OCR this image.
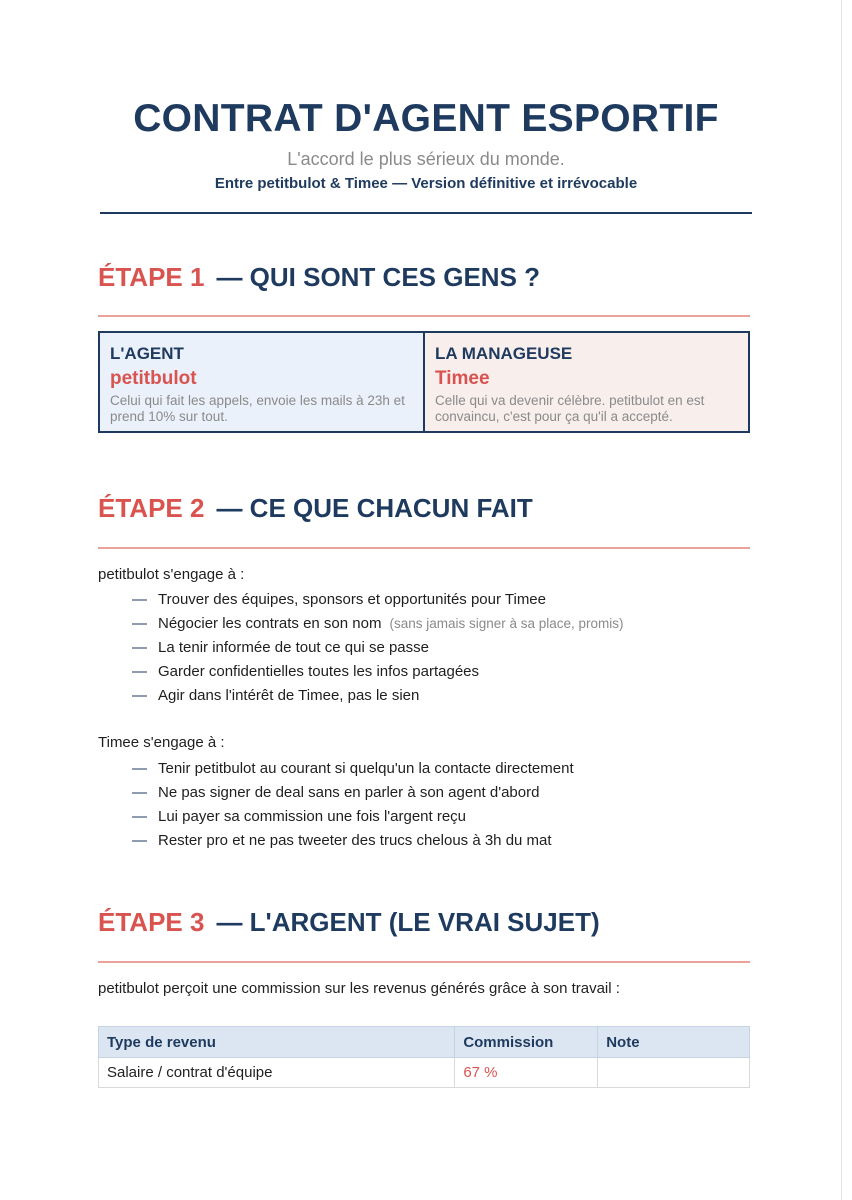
CONTRAT D'AGENT ESPORTIF
L'accord le plus sérieux du monde.
Entre petitbulot & Timee — Version définitive et irrévocable
ÉTAPE 1 — QUI SONT CES GENS ?
L'AGENT
petitbulot
Celui qui fait les appels, envoie les mails à 23h et prend 10% sur tout.
LA MANAGEUSE
Timee
Celle qui va devenir célèbre. petitbulot en est convaincu, c'est pour ça qu'il a accepté.
ÉTAPE 2 — CE QUE CHACUN FAIT
petitbulot s'engage à :
— Trouver des équipes, sponsors et opportunités pour Timee
— Négocier les contrats en son nom (sans jamais signer à sa place, promis)
— La tenir informée de tout ce qui se passe
— Garder confidentielles toutes les infos partagées
— Agir dans l'intérêt de Timee, pas le sien
Timee s'engage à :
— Tenir petitbulot au courant si quelqu'un la contacte directement
— Ne pas signer de deal sans en parler à son agent d'abord
— Lui payer sa commission une fois l'argent reçu
— Rester pro et ne pas tweeter des trucs chelous à 3h du mat
ÉTAPE 3 — L'ARGENT (LE VRAI SUJET)
petitbulot perçoit une commission sur les revenus générés grâce à son travail :
Type de revenu	Commission	Note
Salaire / contrat d'équipe	67 %	
